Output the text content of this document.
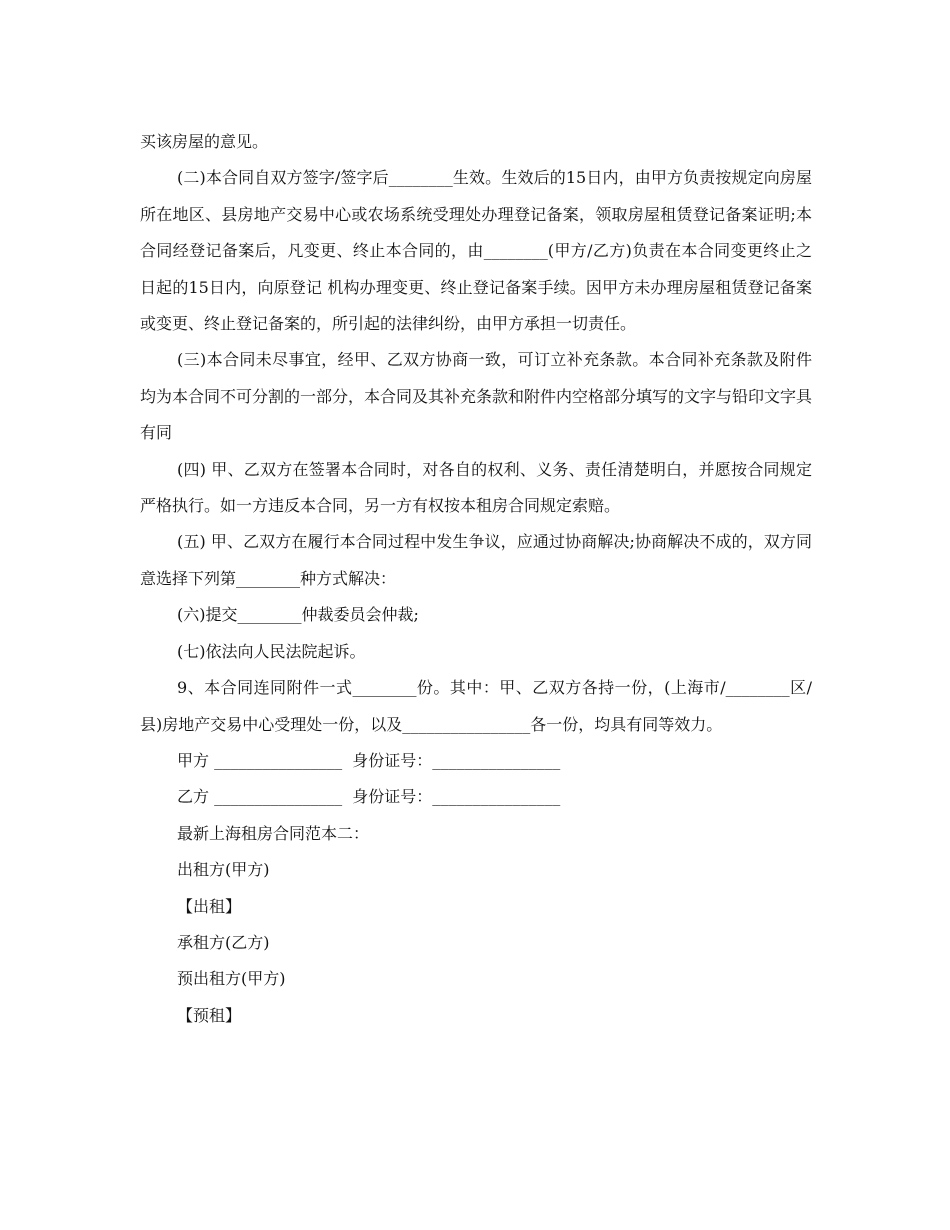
买该房屋的意见。

(二)本合同自双方签字/签字后________生效。生效后的15日内，由甲方负责按规定向房屋所在地区、县房地产交易中心或农场系统受理处办理登记备案，领取房屋租赁登记备案证明;本合同经登记备案后，凡变更、终止本合同的，由________(甲方/乙方)负责在本合同变更终止之日起的15日内，向原登记 机构办理变更、终止登记备案手续。因甲方未办理房屋租赁登记备案或变更、终止登记备案的，所引起的法律纠纷，由甲方承担一切责任。

(三)本合同未尽事宜，经甲、乙双方协商一致，可订立补充条款。本合同补充条款及附件均为本合同不可分割的一部分，本合同及其补充条款和附件内空格部分填写的文字与铅印文字具有同

(四) 甲、乙双方在签署本合同时，对各自的权利、义务、责任清楚明白，并愿按合同规定严格执行。如一方违反本合同，另一方有权按本租房合同规定索赔。

(五) 甲、乙双方在履行本合同过程中发生争议，应通过协商解决;协商解决不成的，双方同意选择下列第________种方式解决：

(六)提交________仲裁委员会仲裁;

(七)依法向人民法院起诉。

9、本合同连同附件一式________份。其中：甲、乙双方各持一份，(上海市/________区/县)房地产交易中心受理处一份，以及________________各一份，均具有同等效力。

甲方 ________________  身份证号：________________

乙方 ________________  身份证号：________________

最新上海租房合同范本二：

出租方(甲方)

【出租】

承租方(乙方)

预出租方(甲方)

【预租】
